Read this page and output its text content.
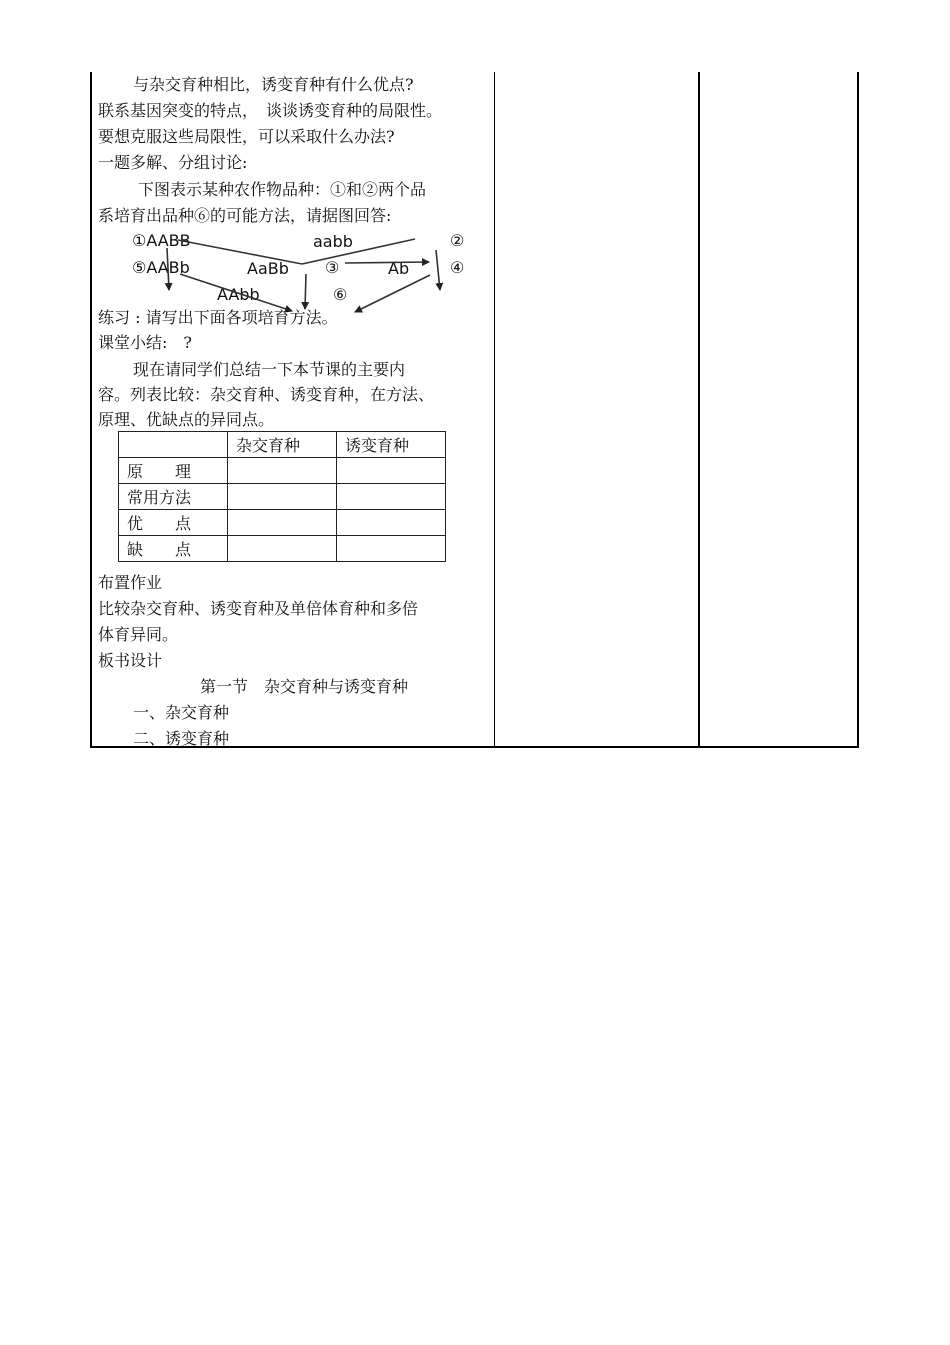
与杂交育种相比，诱变育种有什么优点?
联系基因突变的特点，　谈谈诱变育种的局限性。
要想克服这些局限性，可以采取什么办法?
一题多解、分组讨论:
下图表示某种农作物品种：①和②两个品
系培育出品种⑥的可能方法，请据图回答:
①AABB	aabb	②
⑤AABb	AaBb ③	Ab	④
AAbb	⑥
练习 : 请写出下面各项培育方法。
课堂小结:　?
现在请同学们总结一下本节课的主要内
容。列表比较：杂交育种、诱变育种，在方法、
原理、优缺点的异同点。
	杂交育种	诱变育种
原　　理		
常用方法		
优　　点		
缺　　点		
布置作业
比较杂交育种、诱变育种及单倍体育种和多倍
体育异同。
板书设计
第一节　杂交育种与诱变育种
一、杂交育种
二、诱变育种
